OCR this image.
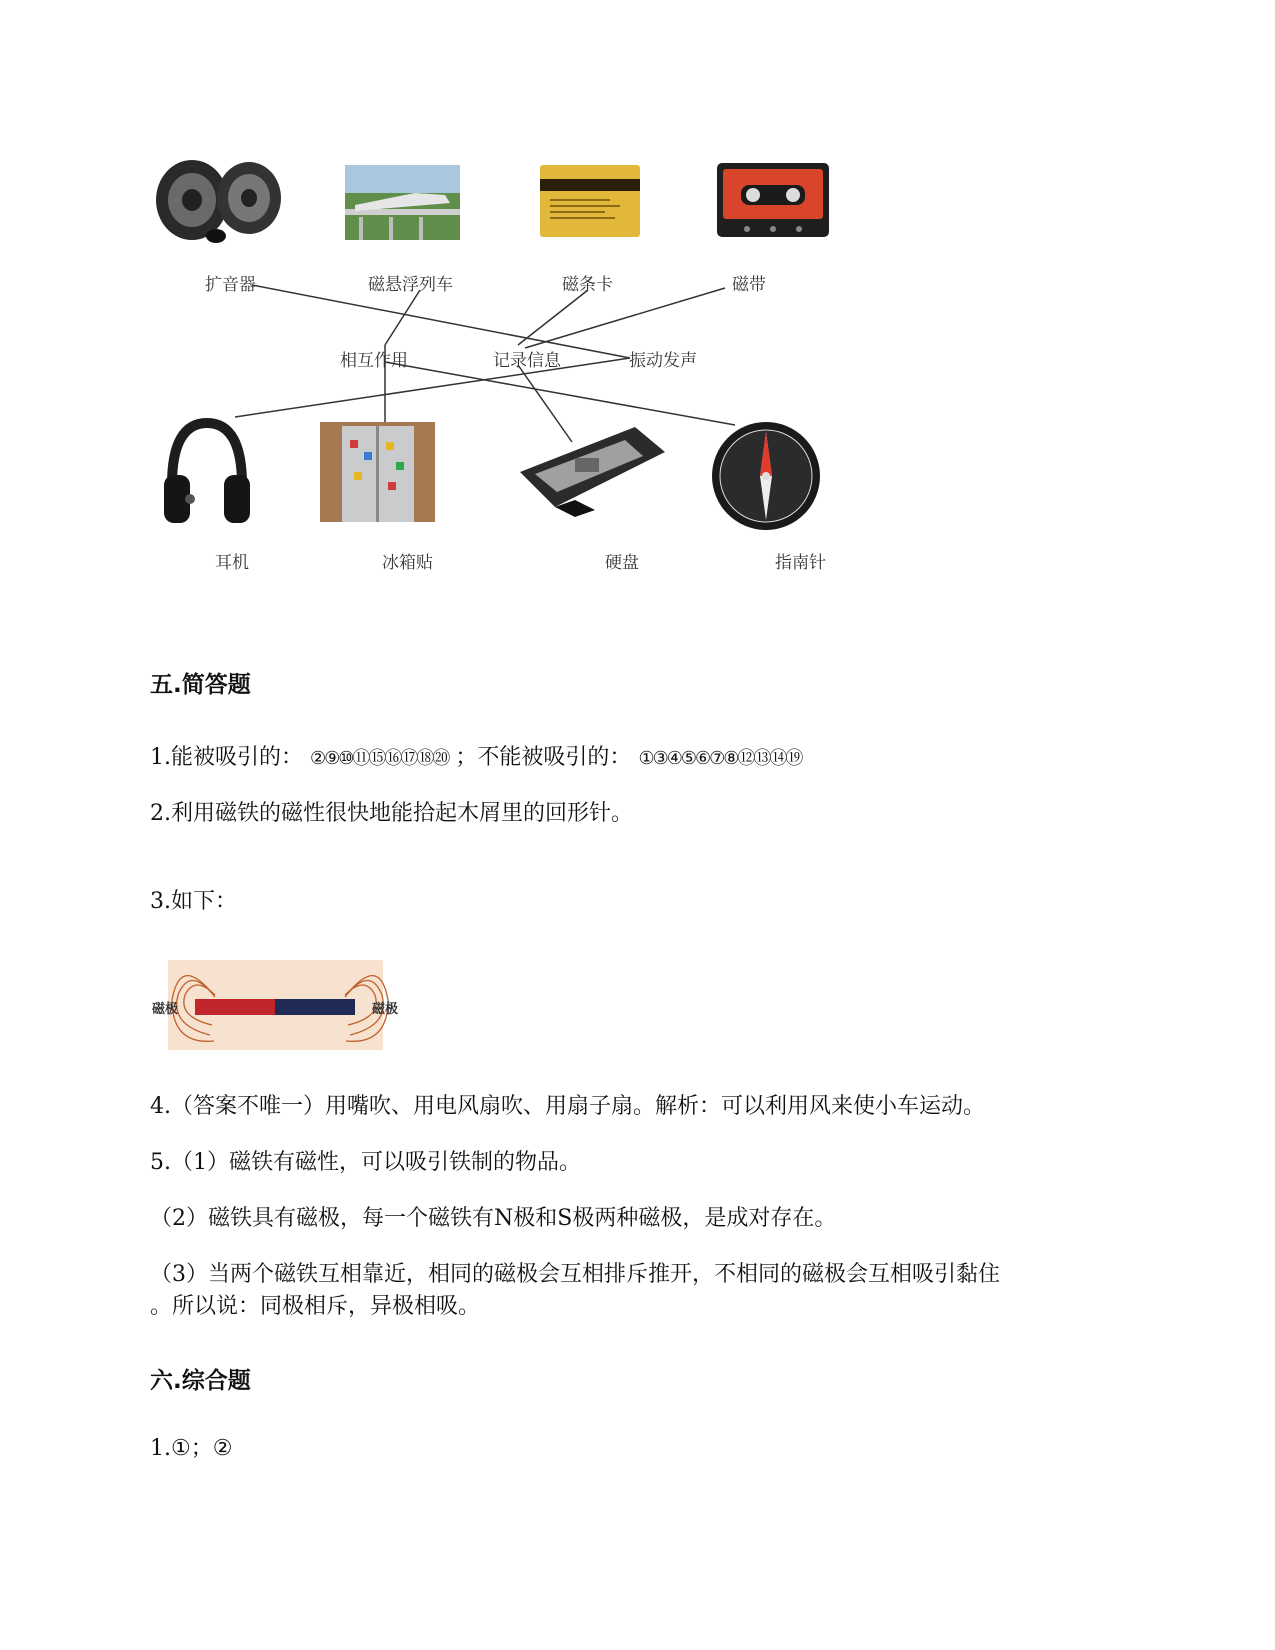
扩音器	磁悬浮列车	磁条卡	磁带
相互作用	记录信息	振动发声
耳机	冰箱贴	硬盘	指南针
五.简答题
1.能被吸引的： ②⑨⑩⑪⑮⑯⑰⑱⑳ ；不能被吸引的： ①③④⑤⑥⑦⑧⑫⑬⑭⑲
2.利用磁铁的磁性很快地能拾起木屑里的回形针。
3.如下：
磁极	磁极
4.（答案不唯一）用嘴吹、用电风扇吹、用扇子扇。解析：可以利用风来使小车运动。
5.（1）磁铁有磁性，可以吸引铁制的物品。
（2）磁铁具有磁极，每一个磁铁有N极和S极两种磁极，是成对存在。
（3）当两个磁铁互相靠近，相同的磁极会互相排斥推开，不相同的磁极会互相吸引黏住
。所以说：同极相斥，异极相吸。
六.综合题
1.①；②
